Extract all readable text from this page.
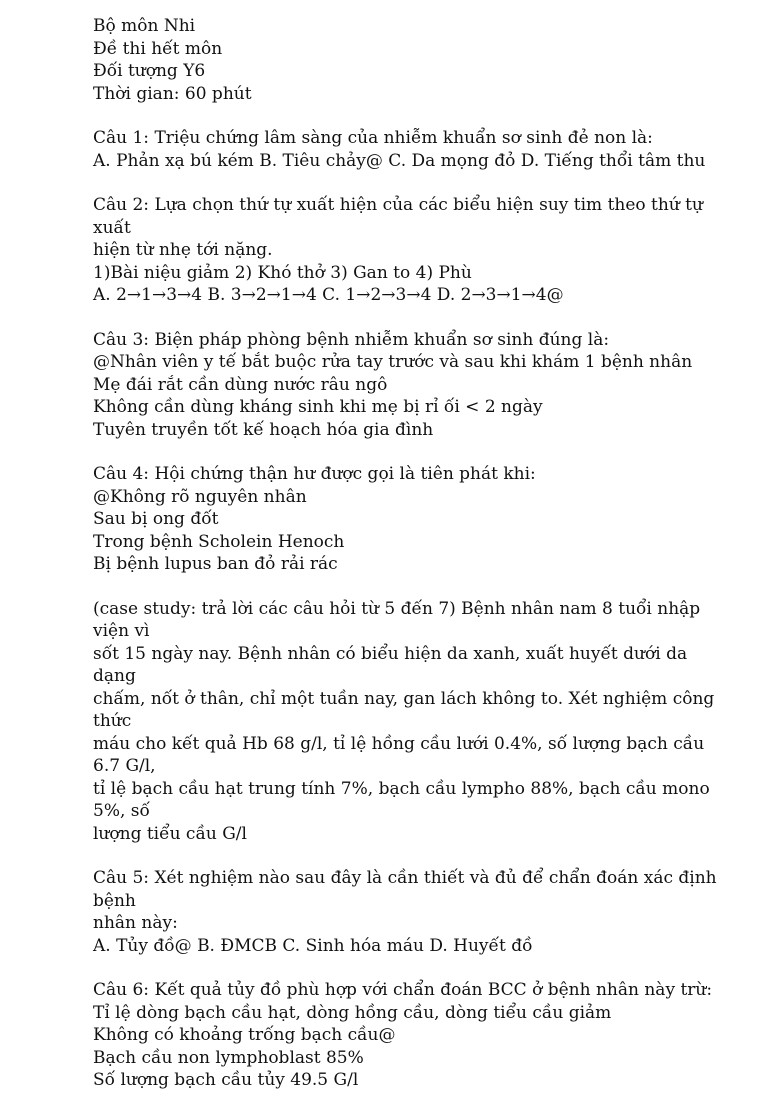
Bộ môn Nhi
Đề thi hết môn
Đối tượng Y6
Thời gian: 60 phút
Câu 1: Triệu chứng lâm sàng của nhiễm khuẩn sơ sinh đẻ non là:
A. Phản xạ bú kém B. Tiêu chảy@ C. Da mọng đỏ D. Tiếng thổi tâm thu
Câu 2: Lựa chọn thứ tự xuất hiện của các biểu hiện suy tim theo thứ tự xuất
hiện từ nhẹ tới nặng.
1)Bài niệu giảm 2) Khó thở 3) Gan to 4) Phù
A. 2→1→3→4 B. 3→2→1→4 C. 1→2→3→4 D. 2→3→1→4@
Câu 3: Biện pháp phòng bệnh nhiễm khuẩn sơ sinh đúng là:
@Nhân viên y tế bắt buộc rửa tay trước và sau khi khám 1 bệnh nhân
Mẹ đái rắt cần dùng nước râu ngô
Không cần dùng kháng sinh khi mẹ bị rỉ ối < 2 ngày
Tuyên truyền tốt kế hoạch hóa gia đình
Câu 4: Hội chứng thận hư được gọi là tiên phát khi:
@Không rõ nguyên nhân
Sau bị ong đốt
Trong bệnh Scholein Henoch
Bị bệnh lupus ban đỏ rải rác
(case study: trả lời các câu hỏi từ 5 đến 7) Bệnh nhân nam 8 tuổi nhập viện vì
sốt 15 ngày nay. Bệnh nhân có biểu hiện da xanh, xuất huyết dưới da dạng
chấm, nốt ở thân, chỉ một tuần nay, gan lách không to. Xét nghiệm công thức
máu cho kết quả Hb 68 g/l, tỉ lệ hồng cầu lưới 0.4%, số lượng bạch cầu 6.7 G/l,
tỉ lệ bạch cầu hạt trung tính 7%, bạch cầu lympho 88%, bạch cầu mono 5%, số
lượng tiểu cầu G/l
Câu 5: Xét nghiệm nào sau đây là cần thiết và đủ để chẩn đoán xác định bệnh
nhân này:
A. Tủy đồ@ B. ĐMCB C. Sinh hóa máu D. Huyết đồ
Câu 6: Kết quả tủy đồ phù hợp với chẩn đoán BCC ở bệnh nhân này trừ:
Tỉ lệ dòng bạch cầu hạt, dòng hồng cầu, dòng tiểu cầu giảm
Không có khoảng trống bạch cầu@
Bạch cầu non lymphoblast 85%
Số lượng bạch cầu tủy 49.5 G/l
